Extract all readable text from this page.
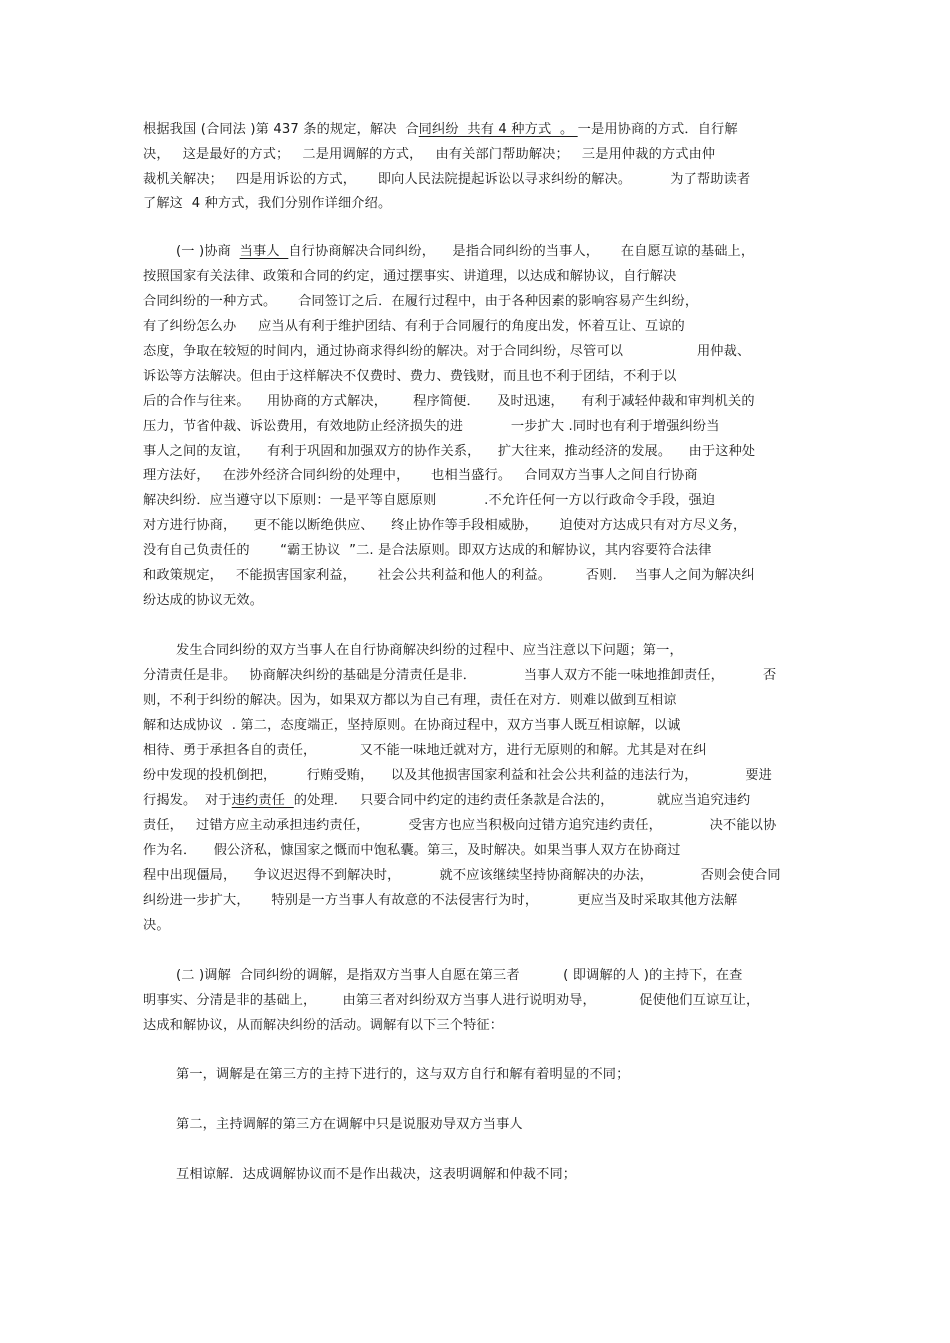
根据我国 (合同法 )第 437 条的规定，解决  合同纠纷  共有 4 种方式  。 一是用协商的方式．自行解
决，   这是最好的方式；   二是用调解的方式，   由有关部门帮助解决；   三是用仲裁的方式由仲
裁机关解决；   四是用诉讼的方式，     即向人民法院提起诉讼以寻求纠纷的解决。         为了帮助读者
了解这  4 种方式，我们分别作详细介绍。
(一 )协商  当事人  自行协商解决合同纠纷，    是指合同纠纷的当事人，     在自愿互谅的基础上，
按照国家有关法律、政策和合同的约定，通过摆事实、讲道理，以达成和解协议，自行解决
合同纠纷的一种方式。     合同签订之后．在履行过程中，由于各种因素的影响容易产生纠纷，
有了纠纷怎么办     应当从有利于维护团结、有利于合同履行的角度出发，怀着互让、互谅的
态度，争取在较短的时间内，通过协商求得纠纷的解决。对于合同纠纷，尽管可以                 用仲裁、
诉讼等方法解决。但由于这样解决不仅费时、费力、费钱财，而且也不利于团结，不利于以
后的合作与往来。    用协商的方式解决，      程序简便．    及时迅速，    有利于减轻仲裁和审判机关的
压力，节省仲裁、诉讼费用，有效地防止经济损失的进           一步扩大 .同时也有利于增强纠纷当
事人之间的友谊，    有利于巩固和加强双方的协作关系，    扩大往来，推动经济的发展。    由于这种处
理方法好，   在涉外经济合同纠纷的处理中，     也相当盛行。   合同双方当事人之间自行协商
解决纠纷．应当遵守以下原则：一是平等自愿原则           .不允许任何一方以行政命令手段，强迫
对方进行协商，    更不能以断绝供应、    终止协作等手段相威胁，     迫使对方达成只有对方尽义务，
没有自己负责任的       “霸王协议  ”二. 是合法原则。即双方达成的和解协议，其内容要符合法律
和政策规定，   不能损害国家利益，     社会公共利益和他人的利益。        否则．  当事人之间为解决纠
纷达成的协议无效。
发生合同纠纷的双方当事人在自行协商解决纠纷的过程中、应当注意以下问题；第一，
分清责任是非。   协商解决纠纷的基础是分清责任是非．           当事人双方不能一味地推卸责任，         否
则，不利于纠纷的解决。因为，如果双方都以为自己有理，责任在对方．则难以做到互相谅
解和达成协议  . 第二，态度端正，坚持原则。在协商过程中，双方当事人既互相谅解，以诚
相待、勇于承担各自的责任，          又不能一味地迁就对方，进行无原则的和解。尤其是对在纠
纷中发现的投机倒把，       行贿受贿，    以及其他损害国家利益和社会公共利益的违法行为，           要进
行揭发。  对于违约责任  的处理．   只要合同中约定的违约责任条款是合法的，          就应当追究违约
责任，   过错方应主动承担违约责任，         受害方也应当积极向过错方追究违约责任，           决不能以协
作为名．    假公济私，慷国家之慨而中饱私囊。第三，及时解决。如果当事人双方在协商过
程中出现僵局，    争议迟迟得不到解决时，         就不应该继续坚持协商解决的办法，           否则会使合同
纠纷进一步扩大，     特别是一方当事人有故意的不法侵害行为时，         更应当及时采取其他方法解
决。
(二 )调解  合同纠纷的调解，是指双方当事人自愿在第三者          ( 即调解的人 )的主持下，在查
明事实、分清是非的基础上，      由第三者对纠纷双方当事人进行说明劝导，          促使他们互谅互让，
达成和解协议，从而解决纠纷的活动。调解有以下三个特征：
第一，调解是在第三方的主持下进行的，这与双方自行和解有着明显的不同；
第二，主持调解的第三方在调解中只是说服劝导双方当事人
互相谅解．达成调解协议而不是作出裁决，这表明调解和仲裁不同；
